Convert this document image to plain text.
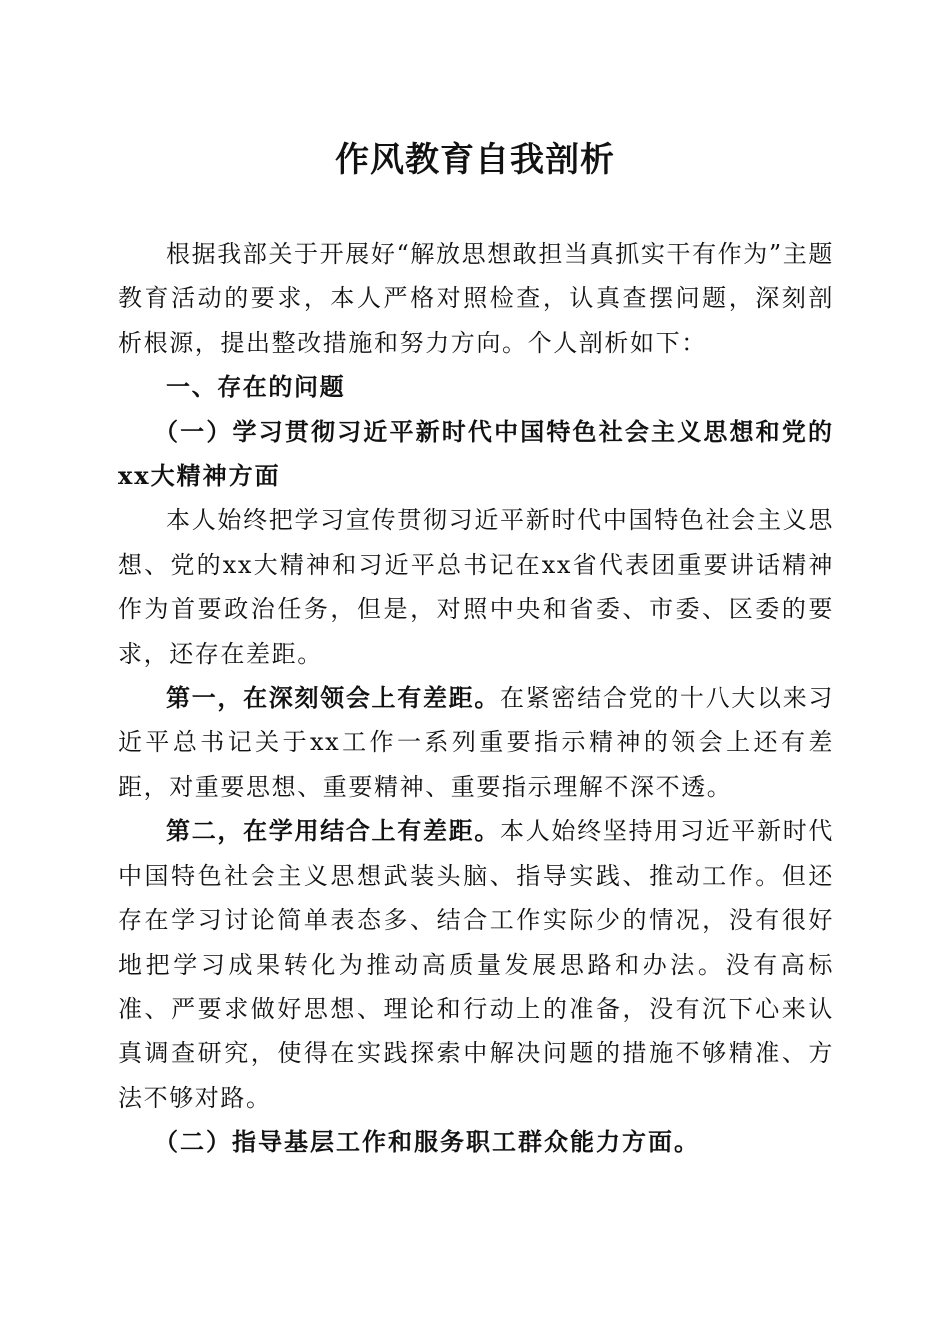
作风教育自我剖析

根据我部关于开展好“解放思想敢担当真抓实干有作为”主题教育活动的要求，本人严格对照检查，认真查摆问题，深刻剖析根源，提出整改措施和努力方向。个人剖析如下：

一、存在的问题

（一）学习贯彻习近平新时代中国特色社会主义思想和党的xx大精神方面

本人始终把学习宣传贯彻习近平新时代中国特色社会主义思想、党的xx大精神和习近平总书记在xx省代表团重要讲话精神作为首要政治任务，但是，对照中央和省委、市委、区委的要求，还存在差距。

第一，在深刻领会上有差距。在紧密结合党的十八大以来习近平总书记关于xx工作一系列重要指示精神的领会上还有差距，对重要思想、重要精神、重要指示理解不深不透。

第二，在学用结合上有差距。本人始终坚持用习近平新时代中国特色社会主义思想武装头脑、指导实践、推动工作。但还存在学习讨论简单表态多、结合工作实际少的情况，没有很好地把学习成果转化为推动高质量发展思路和办法。没有高标准、严要求做好思想、理论和行动上的准备，没有沉下心来认真调查研究，使得在实践探索中解决问题的措施不够精准、方法不够对路。

（二）指导基层工作和服务职工群众能力方面。
